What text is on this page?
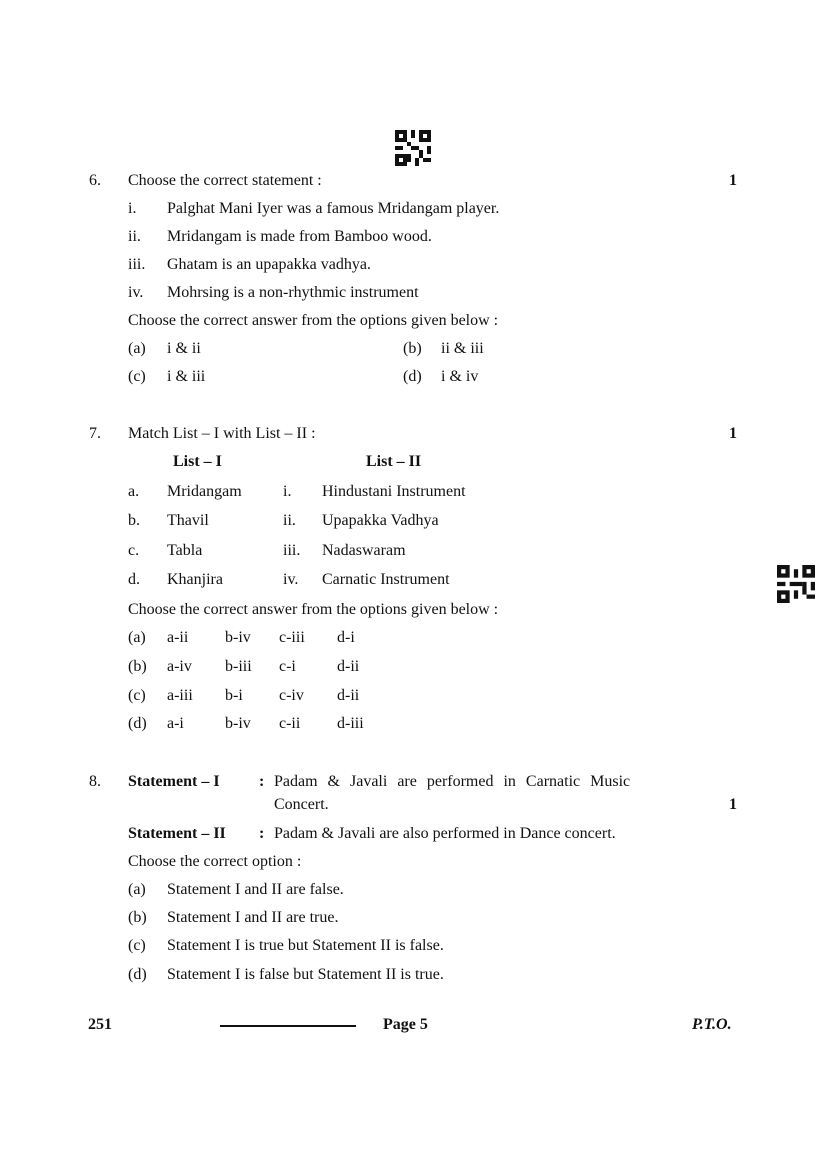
6. Choose the correct statement :	1
i. Palghat Mani Iyer was a famous Mridangam player.
ii. Mridangam is made from Bamboo wood.
iii. Ghatam is an upapakka vadhya.
iv. Mohrsing is a non-rhythmic instrument
Choose the correct answer from the options given below :
(a) i & ii	(b) ii & iii
(c) i & iii	(d) i & iv
7. Match List – I with List – II :	1
List – I	List – II
a. Mridangam	i. Hindustani Instrument
b. Thavil	ii. Upapakka Vadhya
c. Tabla	iii. Nadaswaram
d. Khanjira	iv. Carnatic Instrument
Choose the correct answer from the options given below :
(a) a-ii b-iv c-iii d-i
(b) a-iv b-iii c-i	d-ii
(c) a-iii b-i c-iv d-ii
(d) a-i	b-iv c-ii d-iii
8. Statement – I : Padam & Javali are performed in Carnatic Music
Concert.	1
Statement – II : Padam & Javali are also performed in Dance concert.
Choose the correct option :
(a) Statement I and II are false.
(b) Statement I and II are true.
(c) Statement I is true but Statement II is false.
(d) Statement I is false but Statement II is true.
251	Page 5	P.T.O.
